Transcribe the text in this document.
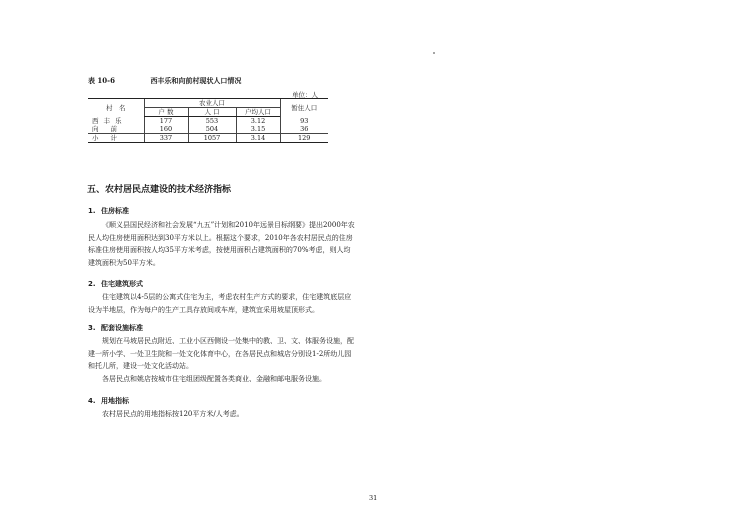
表 10-6	西丰乐和向前村现状人口情况
单位：人
村　名	农业人口			暂住人口
	户 数	人 口	户均人口	
西丰乐	177	553	3.12	93
向前	160	504	3.15	36
小计	337	1057	3.14	129
五、农村居民点建设的技术经济指标
1. 住房标准

《顺义县国民经济和社会发展“九五”计划和2010年远景目标纲要》提出2000年农民人均住房使用面积达到30平方米以上。根据这个要求，2010年各农村居民点的住房标准住房使用面积按人均35平方米考虑，按使用面积占建筑面积的70%考虑，则人均建筑面积为50平方米。

2. 住宅建筑形式

住宅建筑以4-5层的公寓式住宅为主，考虑农村生产方式的要求，住宅建筑底层应设为半地层，作为每户的生产工具存放间或车库，建筑宜采用坡屋顶形式。

3. 配套设施标准

规划在马坡居民点附近、工业小区西侧设一处集中的教、卫、文、体服务设施，配建一所小学、一处卫生院和一处文化体育中心，在各居民点和城店分别设1-2所幼儿园和托儿所，建设一处文化活动站。

各居民点和姚店按城市住宅组团级配置各类商业、金融和邮电服务设施。

4. 用地指标

农村居民点的用地指标按120平方米/人考虑。

31
